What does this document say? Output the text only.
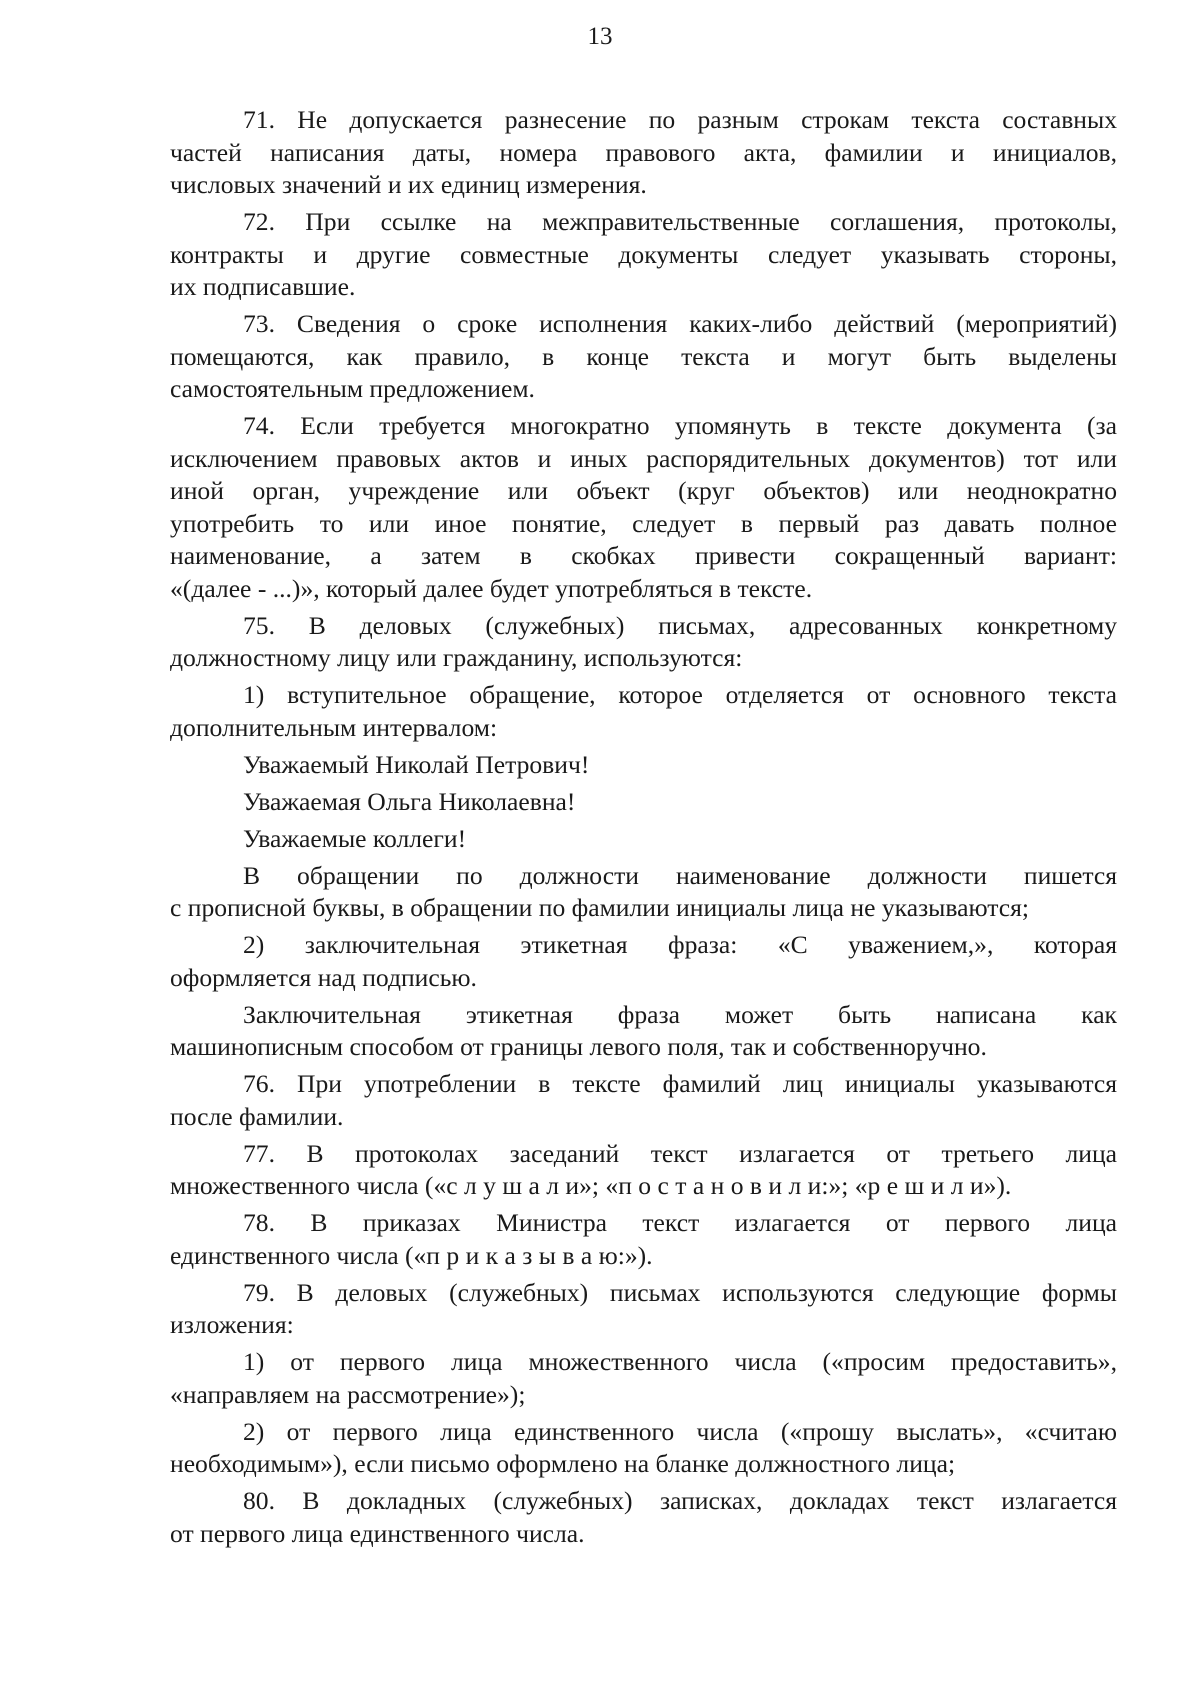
13
71. Не допускается разнесение по разным строкам текста составных
частей написания даты, номера правового акта, фамилии и инициалов,
числовых значений и их единиц измерения.
72. При ссылке на межправительственные соглашения, протоколы,
контракты и другие совместные документы следует указывать стороны,
их подписавшие.
73. Сведения о сроке исполнения каких-либо действий (мероприятий)
помещаются, как правило, в конце текста и могут быть выделены
самостоятельным предложением.
74. Если требуется многократно упомянуть в тексте документа (за
исключением правовых актов и иных распорядительных документов) тот или
иной орган, учреждение или объект (круг объектов) или неоднократно
употребить то или иное понятие, следует в первый раз давать полное
наименование, а затем в скобках привести сокращенный вариант:
«(далее - ...)», который далее будет употребляться в тексте.
75. В деловых (служебных) письмах, адресованных конкретному
должностному лицу или гражданину, используются:
1) вступительное обращение, которое отделяется от основного текста
дополнительным интервалом:
Уважаемый Николай Петрович!
Уважаемая Ольга Николаевна!
Уважаемые коллеги!
В обращении по должности наименование должности пишется
с прописной буквы, в обращении по фамилии инициалы лица не указываются;
2) заключительная этикетная фраза: «С уважением,», которая
оформляется над подписью.
Заключительная этикетная фраза может быть написана как
машинописным способом от границы левого поля, так и собственноручно.
76. При употреблении в тексте фамилий лиц инициалы указываются
после фамилии.
77. В протоколах заседаний текст излагается от третьего лица
множественного числа («с л у ш а л и»; «п о с т а н о в и л и:»; «р е ш и л и»).
78. В приказах Министра текст излагается от первого лица
единственного числа («п р и к а з ы в а ю:»).
79. В деловых (служебных) письмах используются следующие формы
изложения:
1) от первого лица множественного числа («просим предоставить»,
«направляем на рассмотрение»);
2) от первого лица единственного числа («прошу выслать», «считаю
необходимым»), если письмо оформлено на бланке должностного лица;
80. В докладных (служебных) записках, докладах текст излагается
от первого лица единственного числа.
